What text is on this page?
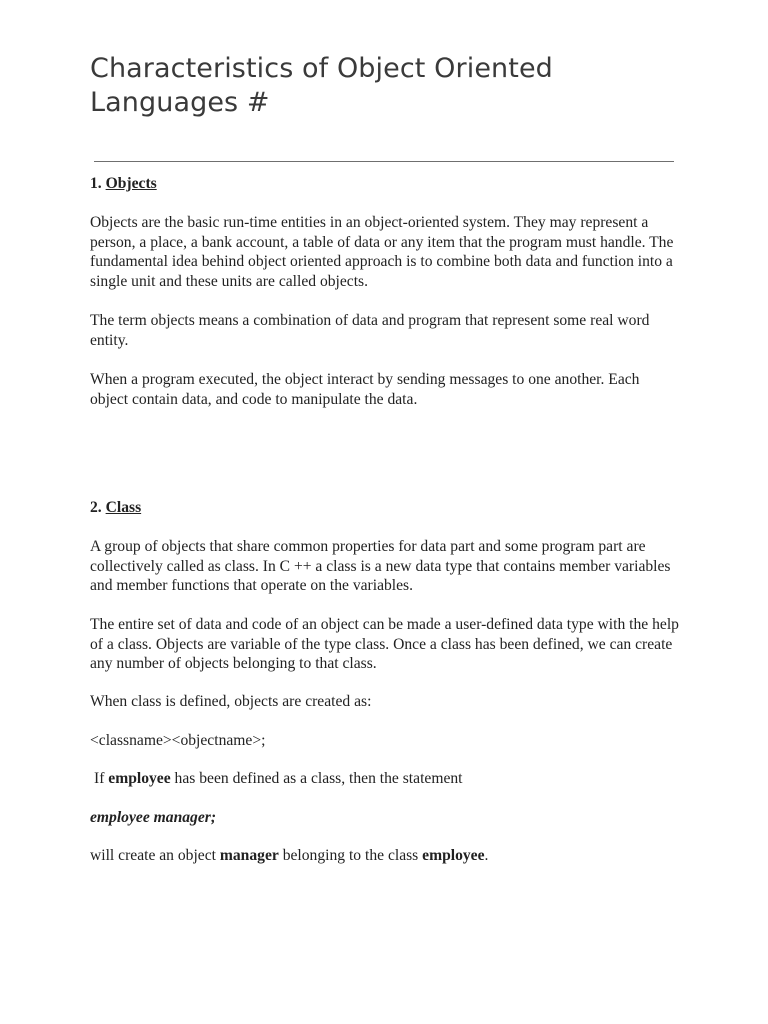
Characteristics of Object Oriented
Languages #
1. Objects

Objects are the basic run-time entities in an object-oriented system. They may represent a person, a place, a bank account, a table of data or any item that the program must handle. The fundamental idea behind object oriented approach is to combine both data and function into a single unit and these units are called objects.

The term objects means a combination of data and program that represent some real word entity.

When a program executed, the object interact by sending messages to one another. Each object contain data, and code to manipulate the data.

2. Class

A group of objects that share common properties for data part and some program part are collectively called as class. In C ++ a class is a new data type that contains member variables and member functions that operate on the variables.

The entire set of data and code of an object can be made a user-defined data type with the help of a class. Objects are variable of the type class. Once a class has been defined, we can create any number of objects belonging to that class.

When class is defined, objects are created as:

<classname><objectname>;

If employee has been defined as a class, then the statement

employee manager;

will create an object manager belonging to the class employee.
